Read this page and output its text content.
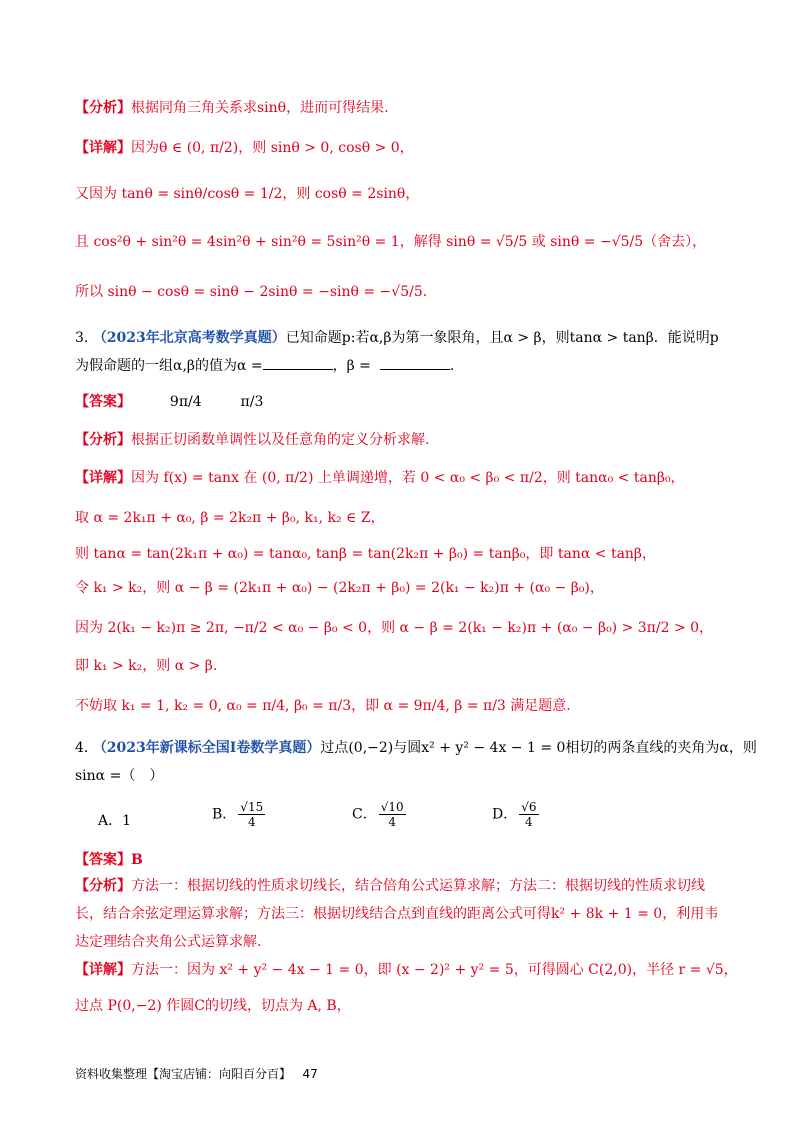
【分析】根据同角三角关系求sinθ，进而可得结果.
【详解】因为θ ∈ (0, π/2)，则 sinθ > 0, cosθ > 0，
又因为 tanθ = sinθ/cosθ = 1/2，则 cosθ = 2sinθ，
且 cos²θ + sin²θ = 4sin²θ + sin²θ = 5sin²θ = 1，解得 sinθ = √5/5 或 sinθ = −√5/5（舍去），
所以 sinθ − cosθ = sinθ − 2sinθ = −sinθ = −√5/5.
3. （2023年北京高考数学真题）已知命题p:若α,β为第一象限角，且α > β，则tanα > tanβ．能说明p
为假命题的一组α,β的值为α =	，β =	.
【答案】	9π/4	π/3
【分析】根据正切函数单调性以及任意角的定义分析求解.
【详解】因为 f(x) = tanx 在 (0, π/2) 上单调递增，若 0 < α₀ < β₀ < π/2，则 tanα₀ < tanβ₀，
取 α = 2k₁π + α₀, β = 2k₂π + β₀, k₁, k₂ ∈ Z，
则 tanα = tan(2k₁π + α₀) = tanα₀, tanβ = tan(2k₂π + β₀) = tanβ₀，即 tanα < tanβ，
令 k₁ > k₂，则 α − β = (2k₁π + α₀) − (2k₂π + β₀) = 2(k₁ − k₂)π + (α₀ − β₀)，
因为 2(k₁ − k₂)π ≥ 2π, −π/2 < α₀ − β₀ < 0，则 α − β = 2(k₁ − k₂)π + (α₀ − β₀) > 3π/2 > 0，
即 k₁ > k₂，则 α > β.
不妨取 k₁ = 1, k₂ = 0, α₀ = π/4, β₀ = π/3，即 α = 9π/4, β = π/3 满足题意.
4. （2023年新课标全国Ⅰ卷数学真题）过点(0,−2)与圆x² + y² − 4x − 1 = 0相切的两条直线的夹角为α，则
sinα =（　）
A．1	B． $\frac{√15}{4}$	C． $\frac{√10}{4}$	D． $\frac{√6}{4}$
【答案】B
【分析】方法一：根据切线的性质求切线长，结合倍角公式运算求解；方法二：根据切线的性质求切线长，结合余弦定理运算求解；方法三：根据切线结合点到直线的距离公式可得k² + 8k + 1 = 0，利用韦达定理结合夹角公式运算求解.
【详解】方法一：因为 x² + y² − 4x − 1 = 0，即 (x − 2)² + y² = 5，可得圆心 C(2,0)，半径 r = √5，
过点 P(0,−2) 作圆C的切线，切点为 A, B，
资料收集整理【淘宝店铺：向阳百分百】 47
